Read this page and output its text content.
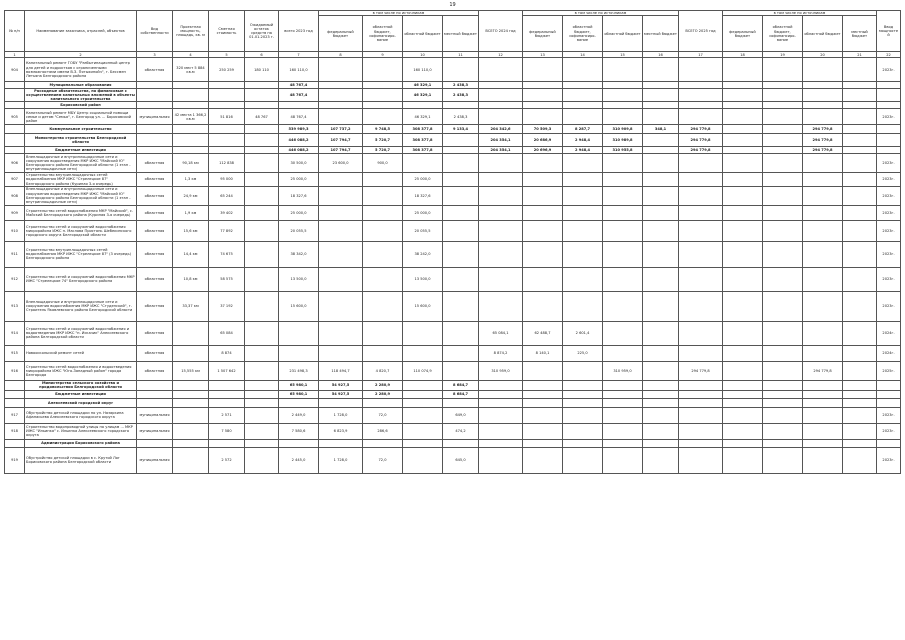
19
№ п/п	Наименование заказчика, отраслей, объектов	Вид собственности	Проектная мощность, площадь, кв. м	Сметная стоимость	Ожидаемый остаток средств на 01.01.2023 г.	всего 2023 год	в том числе по источникам				ВСЕГО 2024 год	в том числе по источникам				ВСЕГО 2025 год	в том числе по источникам				Ввод мощностей
							федеральный бюджет	областной бюджет, софинансиро-вание	областной бюджет	местный бюджет		федеральный бюджет	областной бюджет, софинансиро-вание	областной бюджет	местный бюджет		федеральный бюджет	областной бюджет, софинансиро-вание	областной бюджет	местный бюджет	
1	2	3	4	5	6	7	8	9	10	11	12	13	14	15	16	17	18	19	20	21	22
904	Капитальный ремонт ГОБУ "Разбытинационный центр для детей и подростков с ограниченными возможностями имени В.З. Пятыхинойч", г. Бессмен Летьяна Белгородского района	областная	320 мест 5 884 кв.м	250 259	180 110	160 110,0			160 110,0												2023г.
	Муниципальные образования					48 767,4			46 329,1	2 438,3											
	Расходные обязательства, по финансовые с осуществлением капитальных вложений в объекты капитального строительства					48 767,4			46 329,1	2 438,3											
	Борисовский район																				
905	Капитальный ремонт МБУ Центр социальной помощи семье и детям "Семья", г. Белгород ул. ... Борисовский район	муниципальная	42 места 1 366,2 кв.м	51 816	48 767	48 767,4			46 329,1	2 438,3											2023г.
	Коммунальное строительство					539 989,3	107 737,2	9 748,5	308 377,8	9 133,4	204 342,6	70 509,3	8 287,7	310 909,8	348,1	294 779,8			294 779,8		
	Министерство строительства Белгородской области					446 088,2	107 794,7	5 720,7	308 377,8		204 354,1	20 686,9	2 948,4	310 989,8		294 779,8			294 779,8		
	Бюджетные инвестиции					446 088,2	107 794,7	5 720,7	308 377,8		204 354,1	20 696,9	2 948,4	310 955,8		294 779,8			294 779,8		
906	Внеплощадочные и внутриплощадочные сети и сооружения водоотведения МКР ИЖС "Майский Ю" Белгородского района Белгородской области (1 этап - внутриплощадочные сети)	областная	90,18 км	112 838		30 500,0	23 600,0	900,0													2023г.
907	Строительство внутриплощадочных сетей водоснабжения МКР ИЖС "Стрелецкое 87" Белгородского района (Куриная 3-я очередь)	областная	1,3 км	95 000		25 000,0			25 000,0												2023г.
908	Внеплощадочные и внутриплощадочные сети и сооружения водоотведения МКР ИЖС "Майский Ю" Белгородского района Белгородской области (1 этап - внутриплощадочные сети)	областная	24,9 км	65 244		18 327,6			18 327,6												2023г.
909	Строительство сетей водоснабжения МКР "Майский", с. Майский Белгородского района (Куриная 3-я очередь)	областная	1,9 км	39 402		25 000,0			25 000,0												2023г.
910	Строительство сетей и сооружений водоснабжения микрорайона ИЖС п. Маслова Пристань Шебекинского городского округа Белгородской области	областная	15,6 км	77 892		20 055,5			20 055,5												2023г.
911	Строительство внутриплощадочных сетей водоснабжения МКР ИЖС "Стрелецкое 87" (3 очередь) Белгородского района	областная	14,4 км	74 675		38 342,0			38 242,0												2023г.
912	Строительство сетей и сооружений водоснабжения МКР ИЖС "Стрелецкое 74" Белгородского района	областная	10,8 км	58 575		13 500,0			13 500,0												2023г.
913	Внеплощадочные и внутриплощадочные сети и сооружения водоснабжения МКР ИЖС "Студенский", г. Строитель Яковлевского района Белгородской области	областная	33,37 км	37 192		15 600,0			15 600,0												2023г.
914	Строительство сетей и сооружений водоснабжения и водоотведения МКР ИЖС "п. Искачик" Алексеевского района Белгородской области	областная		65 084							65 084,1	62 488,7	2 601,4								2024г.
915	Новооскольский ремонт сетей	областная		8 874							8 874,2	8 140,1	225,0								2024г.
916	Строительство сетей водоснабжения и водоотведения микрорайона ИЖС "Юго-Западный район" города Белгорода	областная	15,555 км	1 507 642		231 498,3	118 494,7	4 820,7	110 074,9		310 959,0			310 959,0		294 779,8			294 779,8		2025г.
	Министерство сельского хозяйства и продовольствия Белгородской области					65 980,1	54 927,5	2 280,9		8 684,7											
	Бюджетные инвестиции					65 980,1	54 927,5	2 280,9		8 684,7											
	Алексеевский городской округ																				
917	Обустройство детской площадки по ул. Назаркина Афанасьева Алексеевского городского округа	муниципальная		2 571		2 449,0	1 728,0	72,0		649,0											2023г.
918	Строительство водопроводной улицы по улицам ... МКР ИЖС "Ильинка" с. Ильинка Алексеевского городского округа	муниципальная		7 580		7 580,6	6 823,9	286,6		474,2											2023г.
	Администрация Борисовского района																				
919	Обустройство детской площадки в с. Крутой Лог Борисовского района Белгородской области	муниципальная		2 572		2 445,0	1 728,0	72,0		645,0											2023г.
